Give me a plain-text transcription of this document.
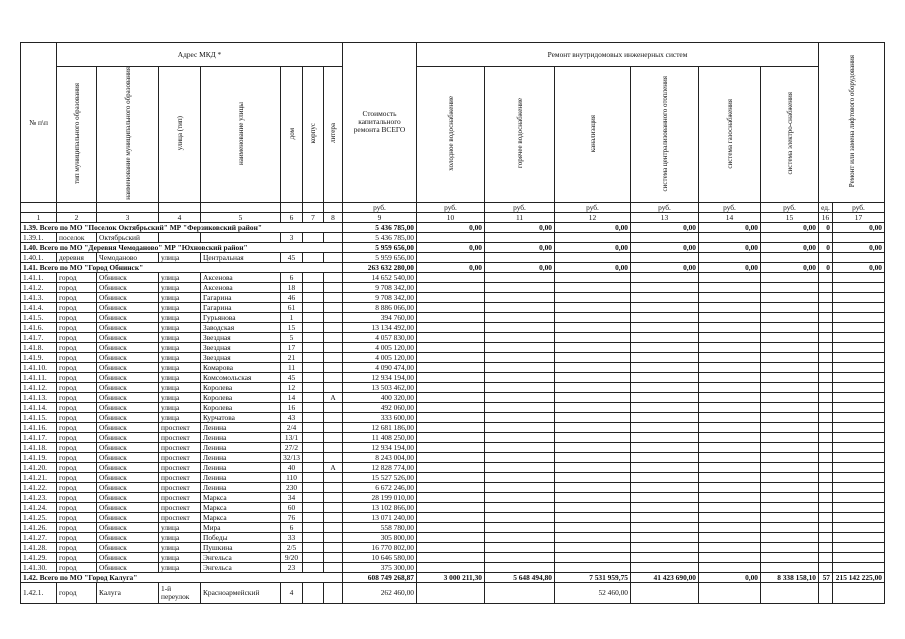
№ п\п	Адрес МКД *							Стоимость капитального ремонта ВСЕГО	Ремонт внутридомовых инженерных систем						Ремонт или замена лифтового оборудования	
	тип муниципального образования	наименование муниципального образования	улица (тип)	наименование улицы	дом	корпус	литера		холодное водоснабжение	горячее водоснабжение	канализация	система централизованного отопления	система газоснабжения	система электро-снабжения		
								руб.	руб.	руб.	руб.	руб.	руб.	руб.	ед.	руб.
1	2	3	4	5	6	7	8	9	10	11	12	13	14	15	16	17
1.39. Всего по МО "Поселок Октябрьский" МР "Ферзиковский район"								5 436 785,00	0,00	0,00	0,00	0,00	0,00	0,00	0	0,00
1.39.1.	поселок	Октябрьский			3			5 436 785,00								
1.40. Всего по МО "Деревня Чемоданово" МР "Юхновский район"								5 959 656,00	0,00	0,00	0,00	0,00	0,00	0,00	0	0,00
1.40.1.	деревня	Чемоданово	улица	Центральная	45			5 959 656,00								
1.41. Всего по МО "Город Обнинск"								263 632 280,00	0,00	0,00	0,00	0,00	0,00	0,00	0	0,00
1.41.1.	город	Обнинск	улица	Аксенова	6			14 652 540,00								
1.41.2.	город	Обнинск	улица	Аксенова	18			9 708 342,00								
1.41.3.	город	Обнинск	улица	Гагарина	46			9 708 342,00								
1.41.4.	город	Обнинск	улица	Гагарина	61			8 886 066,00								
1.41.5.	город	Обнинск	улица	Гурьянова	1			394 760,00								
1.41.6.	город	Обнинск	улица	Заводская	15			13 134 492,00								
1.41.7.	город	Обнинск	улица	Звездная	5			4 057 830,00								
1.41.8.	город	Обнинск	улица	Звездная	17			4 005 120,00								
1.41.9.	город	Обнинск	улица	Звездная	21			4 005 120,00								
1.41.10.	город	Обнинск	улица	Комарова	11			4 090 474,00								
1.41.11.	город	Обнинск	улица	Комсомольская	45			12 934 194,00								
1.41.12.	город	Обнинск	улица	Королева	12			13 503 462,00								
1.41.13.	город	Обнинск	улица	Королева	14		А	400 320,00								
1.41.14.	город	Обнинск	улица	Королева	16			492 060,00								
1.41.15.	город	Обнинск	улица	Курчатова	43			333 600,00								
1.41.16.	город	Обнинск	проспект	Ленина	2/4			12 681 186,00								
1.41.17.	город	Обнинск	проспект	Ленина	13/1			11 408 250,00								
1.41.18.	город	Обнинск	проспект	Ленина	27/2			12 934 194,00								
1.41.19.	город	Обнинск	проспект	Ленина	32/13			8 243 004,00								
1.41.20.	город	Обнинск	проспект	Ленина	40		А	12 828 774,00								
1.41.21.	город	Обнинск	проспект	Ленина	110			15 527 526,00								
1.41.22.	город	Обнинск	проспект	Ленина	230			6 672 246,00								
1.41.23.	город	Обнинск	проспект	Маркса	34			28 199 010,00								
1.41.24.	город	Обнинск	проспект	Маркса	60			13 102 866,00								
1.41.25.	город	Обнинск	проспект	Маркса	76			13 071 240,00								
1.41.26.	город	Обнинск	улица	Мира	6			558 780,00								
1.41.27.	город	Обнинск	улица	Победы	33			305 800,00								
1.41.28.	город	Обнинск	улица	Пушкина	2/5			16 770 802,00								
1.41.29.	город	Обнинск	улица	Энгельса	9/20			10 646 580,00								
1.41.30.	город	Обнинск	улица	Энгельса	23			375 300,00								
1.42. Всего по МО "Город Калуга"								608 749 268,87	3 000 211,30	5 648 494,80	7 531 959,75	41 423 690,00	0,00	8 338 158,10	57	215 142 225,00
1.42.1.	город	Калуга	1-й переулок	Красноармейский	4			262 460,00			52 460,00					
